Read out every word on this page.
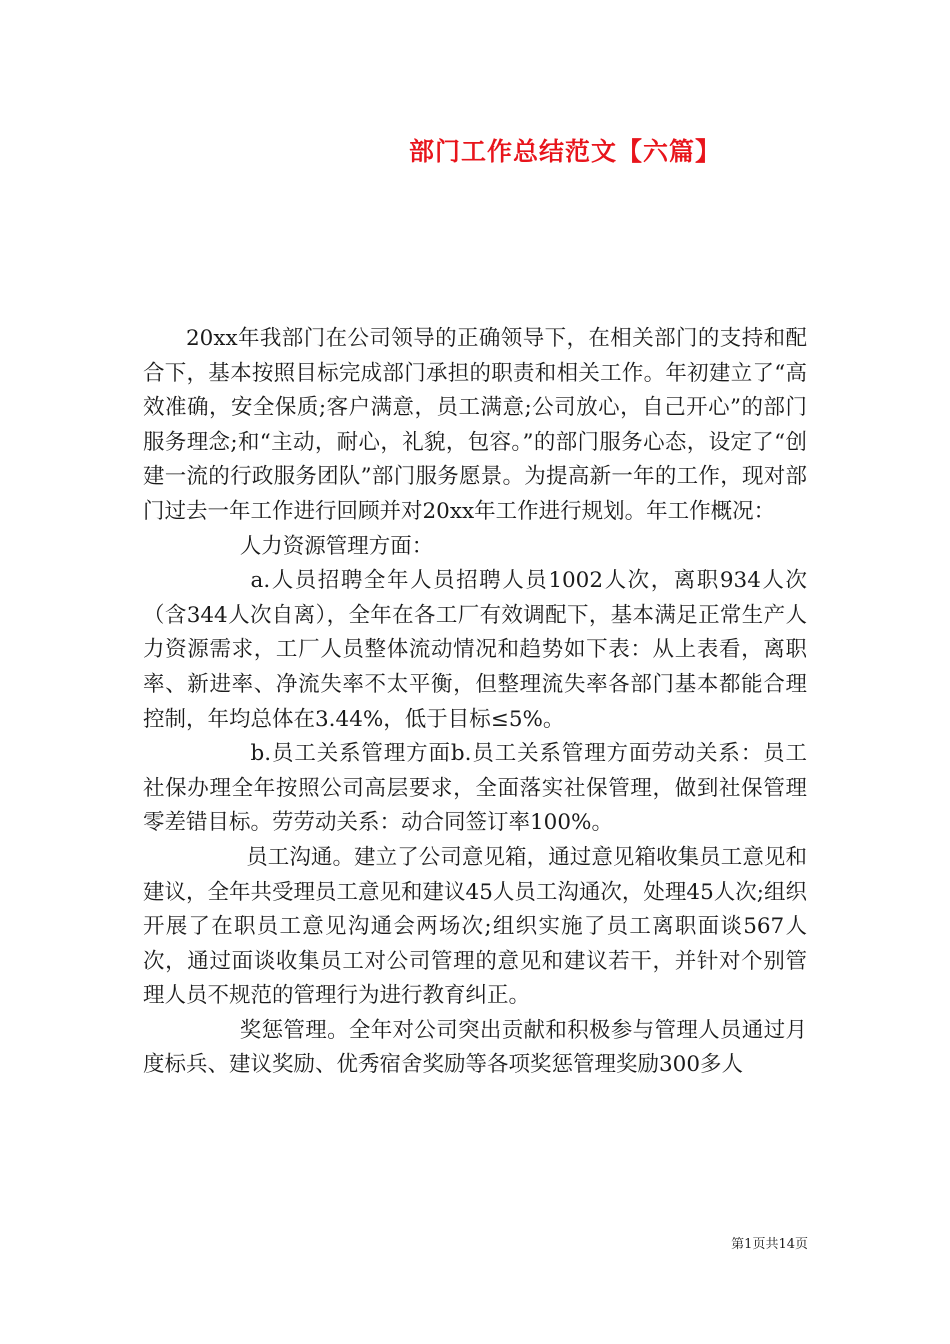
部门工作总结范文【六篇】

20xx年我部门在公司领导的正确领导下，在相关部门的支持和配合下，基本按照目标完成部门承担的职责和相关工作。年初建立了“高效准确，安全保质;客户满意，员工满意;公司放心，自己开心”的部门服务理念;和“主动，耐心，礼貌，包容。”的部门服务心态，设定了“创建一流的行政服务团队”部门服务愿景。为提高新一年的工作，现对部门过去一年工作进行回顾并对20xx年工作进行规划。年工作概况：

人力资源管理方面：

a.人员招聘全年人员招聘人员1002人次，离职934人次（含344人次自离），全年在各工厂有效调配下，基本满足正常生产人力资源需求，工厂人员整体流动情况和趋势如下表：从上表看，离职率、新进率、净流失率不太平衡，但整理流失率各部门基本都能合理控制，年均总体在3.44%，低于目标≤5%。

b.员工关系管理方面b.员工关系管理方面劳动关系：员工社保办理全年按照公司高层要求，全面落实社保管理，做到社保管理零差错目标。劳劳动关系：动合同签订率100%。

员工沟通。建立了公司意见箱，通过意见箱收集员工意见和建议，全年共受理员工意见和建议45人员工沟通次，处理45人次;组织开展了在职员工意见沟通会两场次;组织实施了员工离职面谈567人次，通过面谈收集员工对公司管理的意见和建议若干，并针对个别管理人员不规范的管理行为进行教育纠正。

奖惩管理。全年对公司突出贡献和积极参与管理人员通过月度标兵、建议奖励、优秀宿舍奖励等各项奖惩管理奖励300多人

第1页共14页
